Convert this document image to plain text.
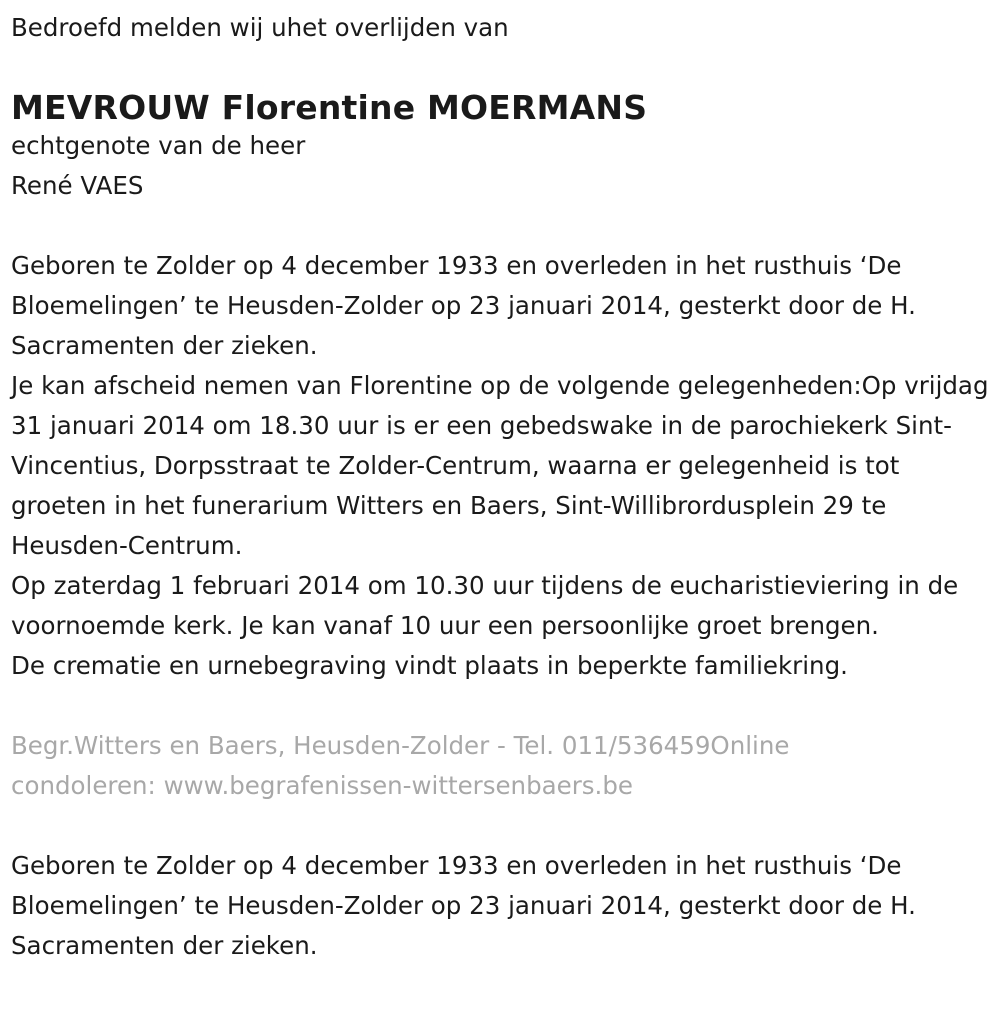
Bedroefd melden wij uhet overlijden van

MEVROUW Florentine MOERMANS

echtgenote van de heer

René VAES

Geboren te Zolder op 4 december 1933 en overleden in het rusthuis ‘De Bloemelingen’ te Heusden-Zolder op 23 januari 2014, gesterkt door de H. Sacramenten der zieken.

Je kan afscheid nemen van Florentine op de volgende gelegenheden:Op vrijdag 31 januari 2014 om 18.30 uur is er een gebedswake in de parochiekerk Sint-Vincentius, Dorpsstraat te Zolder-Centrum, waarna er gelegenheid is tot groeten in het funerarium Witters en Baers, Sint-Willibrordusplein 29 te Heusden-Centrum.

Op zaterdag 1 februari 2014 om 10.30 uur tijdens de eucharistieviering in de voornoemde kerk. Je kan vanaf 10 uur een persoonlijke groet brengen.

De crematie en urnebegraving vindt plaats in beperkte familiekring.

Begr.Witters en Baers, Heusden-Zolder - Tel. 011/536459Online

condoleren: www.begrafenissen-wittersenbaers.be

Geboren te Zolder op 4 december 1933 en overleden in het rusthuis ‘De Bloemelingen’ te Heusden-Zolder op 23 januari 2014, gesterkt door de H. Sacramenten der zieken.
